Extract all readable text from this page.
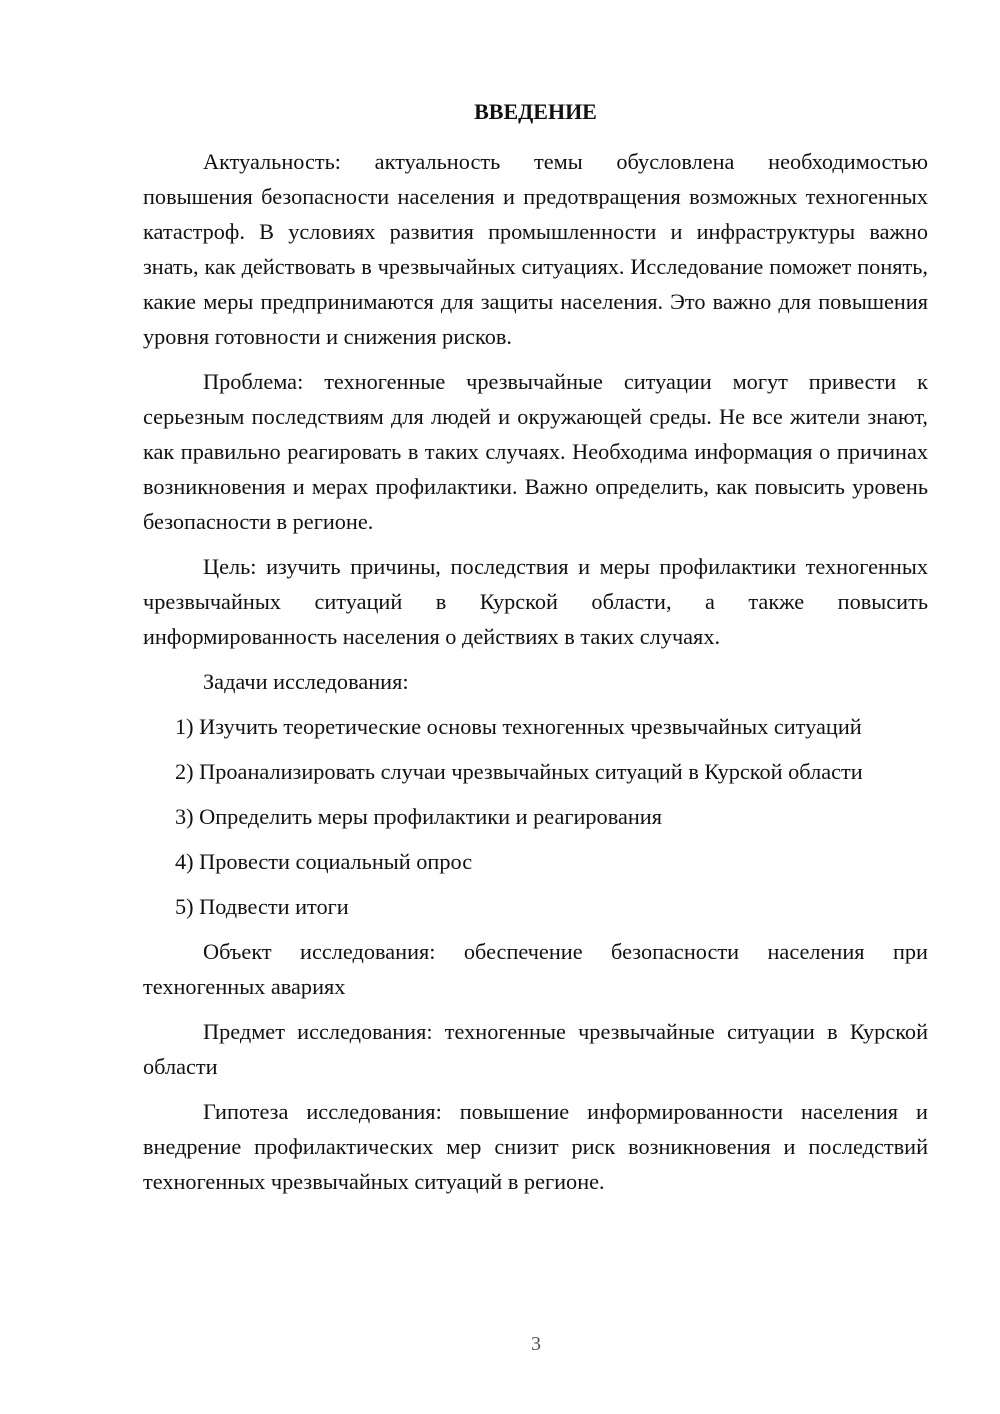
ВВЕДЕНИЕ

Актуальность: актуальность темы обусловлена необходимостью повышения безопасности населения и предотвращения возможных техногенных катастроф. В условиях развития промышленности и инфраструктуры важно знать, как действовать в чрезвычайных ситуациях. Исследование поможет понять, какие меры предпринимаются для защиты населения. Это важно для повышения уровня готовности и снижения рисков.

Проблема: техногенные чрезвычайные ситуации могут привести к серьезным последствиям для людей и окружающей среды. Не все жители знают, как правильно реагировать в таких случаях. Необходима информация о причинах возникновения и мерах профилактики. Важно определить, как повысить уровень безопасности в регионе.

Цель: изучить причины, последствия и меры профилактики техногенных чрезвычайных ситуаций в Курской области, а также повысить информированность населения о действиях в таких случаях.

Задачи исследования:

1) Изучить теоретические основы техногенных чрезвычайных ситуаций

2) Проанализировать случаи чрезвычайных ситуаций в Курской области

3) Определить меры профилактики и реагирования

4) Провести социальный опрос

5) Подвести итоги

Объект исследования: обеспечение безопасности населения при техногенных авариях

Предмет исследования: техногенные чрезвычайные ситуации в Курской области

Гипотеза исследования: повышение информированности населения и внедрение профилактических мер снизит риск возникновения и последствий техногенных чрезвычайных ситуаций в регионе.

3
